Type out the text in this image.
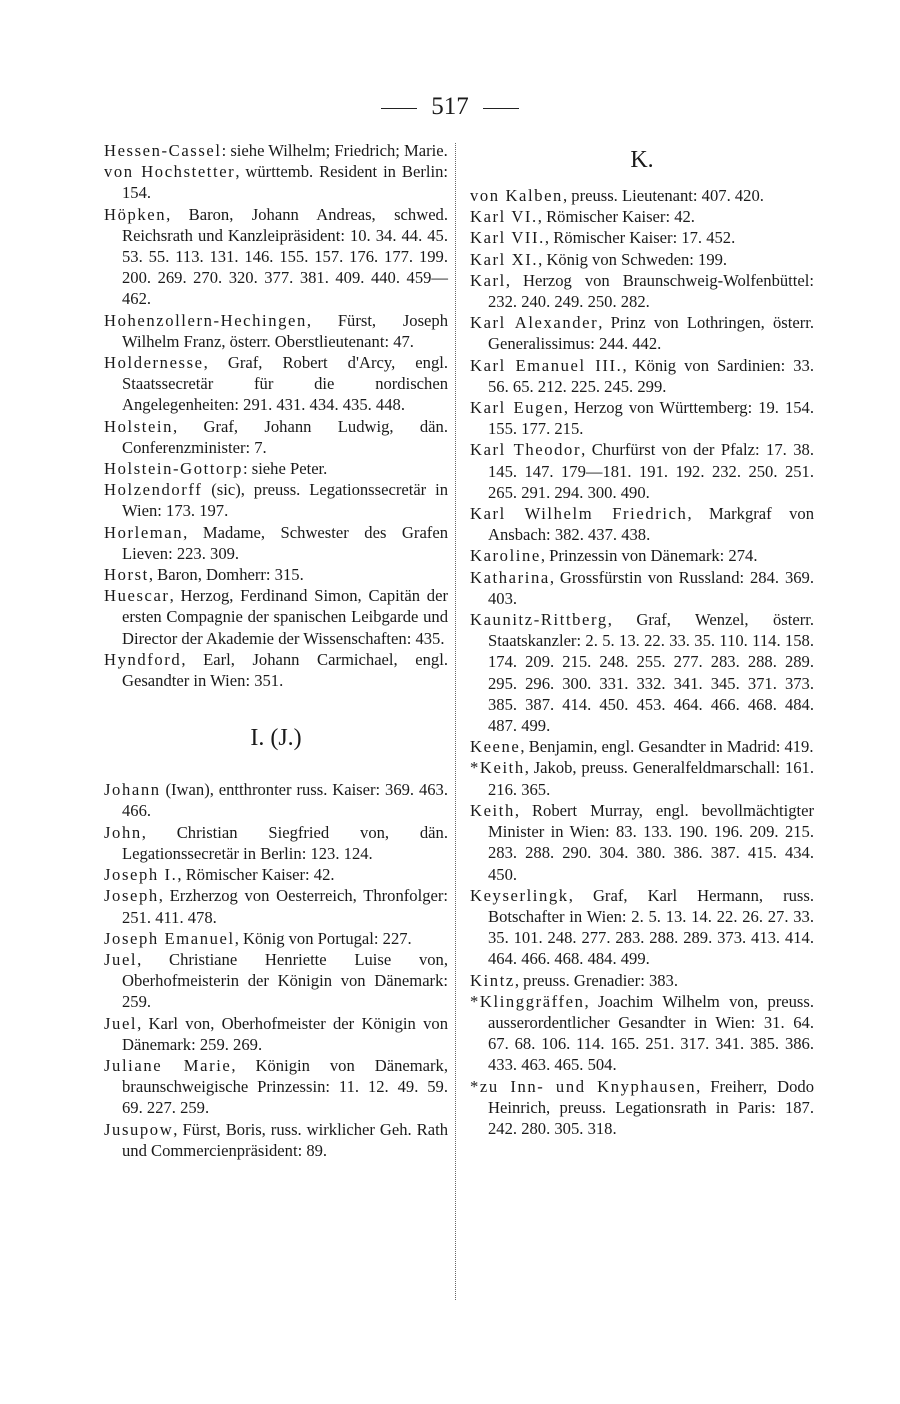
517

Hessen-Cassel: siehe Wilhelm; Friedrich; Marie.

von Hochstetter, württemb. Resident in Berlin: 154.

Höpken, Baron, Johann Andreas, schwed. Reichsrath und Kanzleipräsident: 10. 34. 44. 45. 53. 55. 113. 131. 146. 155. 157. 176. 177. 199. 200. 269. 270. 320. 377. 381. 409. 440. 459—462.

Hohenzollern-Hechingen, Fürst, Joseph Wilhelm Franz, österr. Oberstlieutenant: 47.

Holdernesse, Graf, Robert d'Arcy, engl. Staatssecretär für die nordischen Angelegenheiten: 291. 431. 434. 435. 448.

Holstein, Graf, Johann Ludwig, dän. Conferenzminister: 7.

Holstein-Gottorp: siehe Peter.

Holzendorff (sic), preuss. Legationssecretär in Wien: 173. 197.

Horleman, Madame, Schwester des Grafen Lieven: 223. 309.

Horst, Baron, Domherr: 315.

Huescar, Herzog, Ferdinand Simon, Capitän der ersten Compagnie der spanischen Leibgarde und Director der Akademie der Wissenschaften: 435.

Hyndford, Earl, Johann Carmichael, engl. Gesandter in Wien: 351.

I. (J.)

Johann (Iwan), entthronter russ. Kaiser: 369. 463. 466.

John, Christian Siegfried von, dän. Legationssecretär in Berlin: 123. 124.

Joseph I., Römischer Kaiser: 42.

Joseph, Erzherzog von Oesterreich, Thronfolger: 251. 411. 478.

Joseph Emanuel, König von Portugal: 227.

Juel, Christiane Henriette Luise von, Oberhofmeisterin der Königin von Dänemark: 259.

Juel, Karl von, Oberhofmeister der Königin von Dänemark: 259. 269.

Juliane Marie, Königin von Dänemark, braunschweigische Prinzessin: 11. 12. 49. 59. 69. 227. 259.

Jusupow, Fürst, Boris, russ. wirklicher Geh. Rath und Commercienpräsident: 89.

K.

von Kalben, preuss. Lieutenant: 407. 420.

Karl VI., Römischer Kaiser: 42.

Karl VII., Römischer Kaiser: 17. 452.

Karl XI., König von Schweden: 199.

Karl, Herzog von Braunschweig-Wolfenbüttel: 232. 240. 249. 250. 282.

Karl Alexander, Prinz von Lothringen, österr. Generalissimus: 244. 442.

Karl Emanuel III., König von Sardinien: 33. 56. 65. 212. 225. 245. 299.

Karl Eugen, Herzog von Württemberg: 19. 154. 155. 177. 215.

Karl Theodor, Churfürst von der Pfalz: 17. 38. 145. 147. 179—181. 191. 192. 232. 250. 251. 265. 291. 294. 300. 490.

Karl Wilhelm Friedrich, Markgraf von Ansbach: 382. 437. 438.

Karoline, Prinzessin von Dänemark: 274.

Katharina, Grossfürstin von Russland: 284. 369. 403.

Kaunitz-Rittberg, Graf, Wenzel, österr. Staatskanzler: 2. 5. 13. 22. 33. 35. 110. 114. 158. 174. 209. 215. 248. 255. 277. 283. 288. 289. 295. 296. 300. 331. 332. 341. 345. 371. 373. 385. 387. 414. 450. 453. 464. 466. 468. 484. 487. 499.

Keene, Benjamin, engl. Gesandter in Madrid: 419.

*Keith, Jakob, preuss. Generalfeldmarschall: 161. 216. 365.

Keith, Robert Murray, engl. bevollmächtigter Minister in Wien: 83. 133. 190. 196. 209. 215. 283. 288. 290. 304. 380. 386. 387. 415. 434. 450.

Keyserlingk, Graf, Karl Hermann, russ. Botschafter in Wien: 2. 5. 13. 14. 22. 26. 27. 33. 35. 101. 248. 277. 283. 288. 289. 373. 413. 414. 464. 466. 468. 484. 499.

Kintz, preuss. Grenadier: 383.

*Klinggräffen, Joachim Wilhelm von, preuss. ausserordentlicher Gesandter in Wien: 31. 64. 67. 68. 106. 114. 165. 251. 317. 341. 385. 386. 433. 463. 465. 504.

*zu Inn- und Knyphausen, Freiherr, Dodo Heinrich, preuss. Legationsrath in Paris: 187. 242. 280. 305. 318.
